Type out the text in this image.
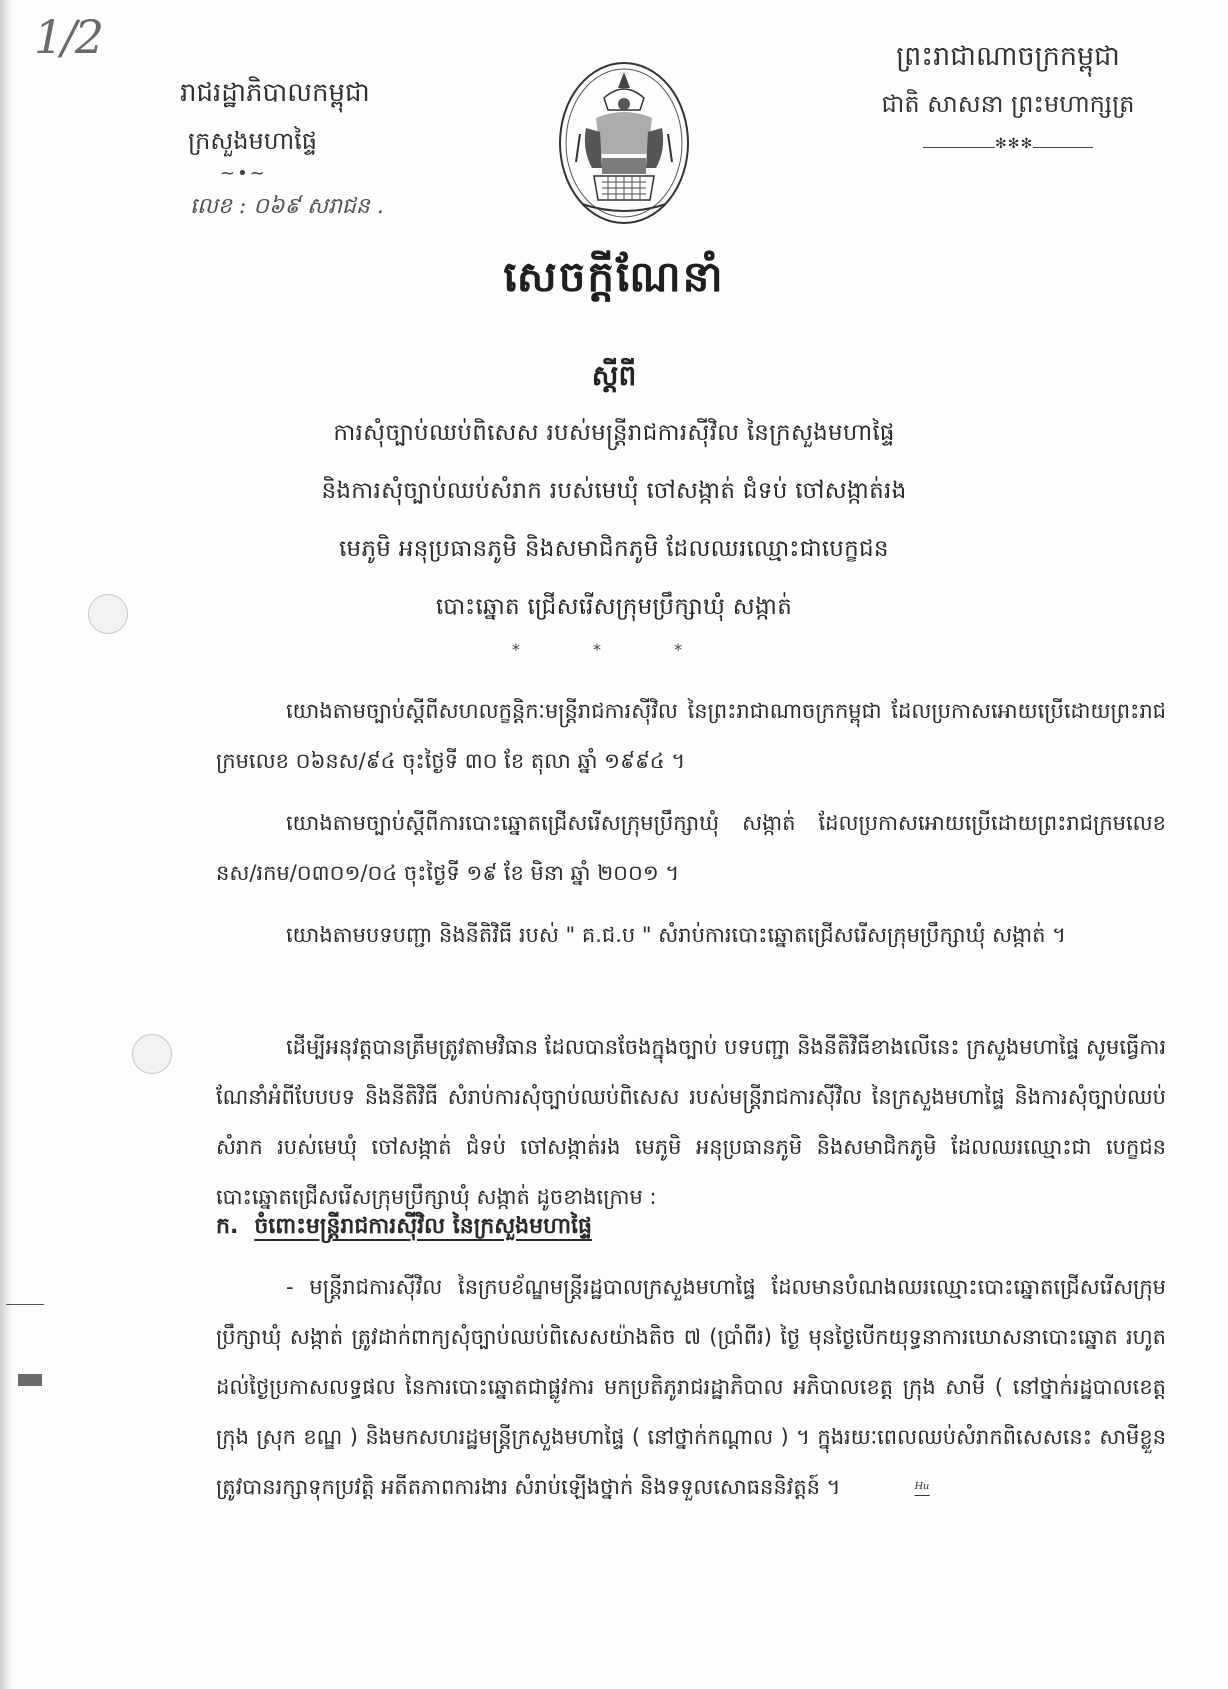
1/2
រាជរដ្ឋាភិបាលកម្ពុជា
ក្រសួងមហាផ្ទៃ
~•~
លេខ : ០៦៩ សរាជន .
ព្រះរាជាណាចក្រកម្ពុជា
ជាតិ សាសនា ព្រះមហាក្សត្រ
✻✻✻
សេចក្តីណែនាំ
ស្តីពី
ការសុំច្បាប់ឈប់ពិសេស របស់មន្ត្រីរាជការស៊ីវិល នៃក្រសួងមហាផ្ទៃ
និងការសុំច្បាប់ឈប់សំរាក របស់មេឃុំ ចៅសង្កាត់ ជំទប់ ចៅសង្កាត់រង
មេភូមិ អនុប្រធានភូមិ និងសមាជិកភូមិ ដែលឈរឈ្មោះជាបេក្ខជន
បោះឆ្នោត ជ្រើសរើសក្រុមប្រឹក្សាឃុំ សង្កាត់
* * *

យោងតាមច្បាប់ស្តីពីសហលក្ខន្តិកៈមន្ត្រីរាជការស៊ីវិល នៃព្រះរាជាណាចក្រកម្ពុជា ដែលប្រកាសអោយប្រើដោយព្រះរាជក្រមលេខ ០៦នស/៩៤ ចុះថ្ងៃទី ៣០ ខែ តុលា ឆ្នាំ ១៩៩៤ ។

យោងតាមច្បាប់ស្តីពីការបោះឆ្នោតជ្រើសរើសក្រុមប្រឹក្សាឃុំ សង្កាត់ ដែលប្រកាសអោយប្រើដោយព្រះរាជក្រមលេខ នស/រកម/០៣០១/០៤ ចុះថ្ងៃទី ១៩ ខែ មិនា ឆ្នាំ ២០០១ ។

យោងតាមបទបញ្ជា និងនីតិវិធី របស់ " គ.ជ.ប " សំរាប់ការបោះឆ្នោតជ្រើសរើសក្រុមប្រឹក្សាឃុំ សង្កាត់ ។

ដើម្បីអនុវត្តបានត្រឹមត្រូវតាមវិធាន ដែលបានចែងក្នុងច្បាប់ បទបញ្ជា និងនីតិវិធីខាងលើនេះ ក្រសួងមហាផ្ទៃ សូមធ្វើការណែនាំអំពីបែបបទ និងនីតិវិធី សំរាប់ការសុំច្បាប់ឈប់ពិសេស របស់មន្ត្រីរាជការស៊ីវិល នៃក្រសួងមហាផ្ទៃ និងការសុំច្បាប់ឈប់សំរាក របស់មេឃុំ ចៅសង្កាត់ ជំទប់ ចៅសង្កាត់រង មេភូមិ អនុប្រធានភូមិ និងសមាជិកភូមិ ដែលឈរឈ្មោះជា បេក្ខជនបោះឆ្នោតជ្រើសរើសក្រុមប្រឹក្សាឃុំ សង្កាត់ ដូចខាងក្រោម :

ក. ចំពោះមន្ត្រីរាជការស៊ីវិល នៃក្រសួងមហាផ្ទៃ

- មន្ត្រីរាជការស៊ីវិល នៃក្របខ័ណ្ឌមន្ត្រីរដ្ឋបាលក្រសួងមហាផ្ទៃ ដែលមានបំណងឈរឈ្មោះបោះឆ្នោតជ្រើសរើសក្រុមប្រឹក្សាឃុំ សង្កាត់ ត្រូវដាក់ពាក្យសុំច្បាប់ឈប់ពិសេសយ៉ាងតិច ៧ (ប្រាំពីរ) ថ្ងៃ មុនថ្ងៃបើកយុទ្ធនាការឃោសនាបោះឆ្នោត រហូតដល់ថ្ងៃប្រកាសលទ្ធផល នៃការបោះឆ្នោតជាផ្លូវការ មកប្រតិភូរាជរដ្ឋាភិបាល អភិបាលខេត្ត ក្រុង សាមី ( នៅថ្នាក់រដ្ឋបាលខេត្ត ក្រុង ស្រុក ខណ្ឌ ) និងមកសហរដ្ឋមន្ត្រីក្រសួងមហាផ្ទៃ ( នៅថ្នាក់កណ្តាល ) ។ ក្នុងរយៈពេលឈប់សំរាកពិសេសនេះ សាមីខ្លួនត្រូវបានរក្សាទុកប្រវត្តិ អតីតភាពការងារ សំរាប់ឡើងថ្នាក់ និងទទួលសោធននិវត្តន៍ ។	ᴴᵘ
